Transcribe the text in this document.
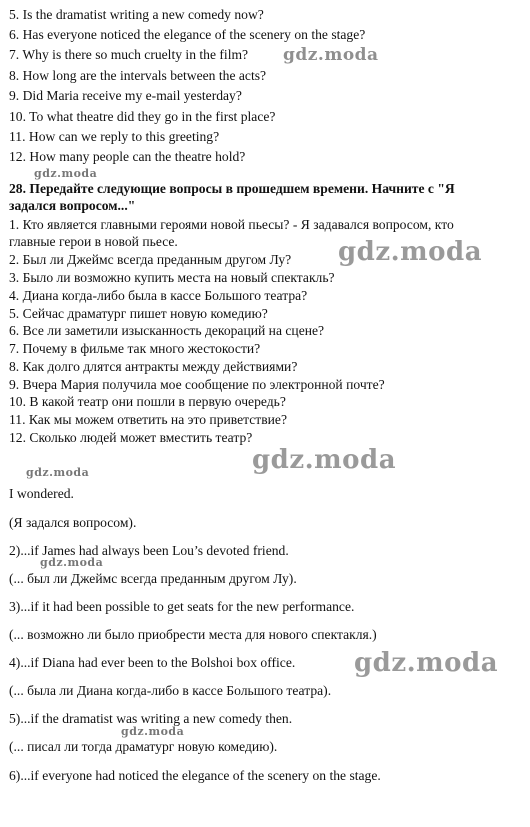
5. Is the dramatist writing a new comedy now?
6. Has everyone noticed the elegance of the scenery on the stage?
7. Why is there so much cruelty in the film?
8. How long are the intervals between the acts?
9. Did Maria receive my e-mail yesterday?
10. To what theatre did they go in the first place?
11. How can we reply to this greeting?
12. How many people can the theatre hold?
28. Передайте следующие вопросы в прошедшем времени. Начните с "Я
задался вопросом..."
1. Кто является главными героями новой пьесы? - Я задавался вопросом, кто
главные герои в новой пьесе.
2. Был ли Джеймс всегда преданным другом Лу?
3. Было ли возможно купить места на новый спектакль?
4. Диана когда-либо была в кассе Большого театра?
5. Сейчас драматург пишет новую комедию?
6. Все ли заметили изысканность декораций на сцене?
7. Почему в фильме так много жестокости?
8. Как долго длятся антракты между действиями?
9. Вчера Мария получила мое сообщение по электронной почте?
10. В какой театр они пошли в первую очередь?
11. Как мы можем ответить на это приветствие?
12. Сколько людей может вместить театр?
I wondered.
(Я задался вопросом).
2)...if James had always been Lou’s devoted friend.
(... был ли Джеймс всегда преданным другом Лу).
3)...if it had been possible to get seats for the new performance.
(... возможно ли было приобрести места для нового спектакля.)
4)...if Diana had ever been to the Bolshoi box office.
(... была ли Диана когда-либо в кассе Большого театра).
5)...if the dramatist was writing a new comedy then.
(... писал ли тогда драматург новую комедию).
6)...if everyone had noticed the elegance of the scenery on the stage.
gdz.moda
gdz.moda
gdz.moda
gdz.moda
gdz.moda
gdz.moda
gdz.moda
gdz.moda
